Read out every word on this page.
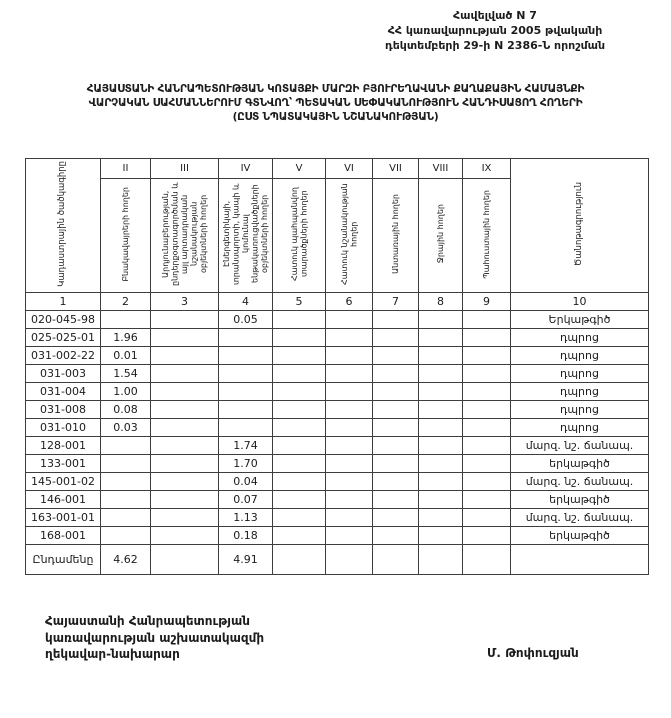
Հավելված N 7
ՀՀ կառավարության 2005 թվականի
դեկտեմբերի 29-ի N 2386-Ն որոշման
ՀԱՅԱՍՏԱՆԻ ՀԱՆՐԱՊԵՏՈՒԹՅԱՆ ԿՈՏԱՅՔԻ ՄԱՐԶԻ ԲՅՈՒՐԵՂԱՎԱՆԻ ՔԱՂԱՔԱՅԻՆ ՀԱՄԱՅՆՔԻ
ՎԱՐՉԱԿԱՆ ՍԱՀՄԱՆՆԵՐՈՒՄ ԳՏՆՎՈՂ՝ ՊԵՏԱԿԱՆ ՍԵՓԱԿԱՆՈՒԹՅՈՒՆ ՀԱՆԴԻՍԱՑՈՂ ՀՈՂԵՐԻ
(ԸՍՏ ՆՊԱՏԱԿԱՅԻՆ ՆՇԱՆԱԿՈՒԹՅԱՆ)
Կադաստրային ծածկագիրը	II	III	IV	V	VI	VII	VIII	IX	Ծանոթագրություն
	Բնակավայրերի հողեր	Արդյունաբերության, ընդերքօգտագործման և այլ արտադրական նշանակության օբյեկտների հողեր	Էներգետիկայի, տրանսպորտի, կապի և կոմունալ ենթակառուցվածքների օբյեկտների հողեր	Հատուկ պահպանվող տարածքների հողեր	Հատուկ նշանակության հողեր	Անտառային հողեր	Ջրային հողեր	Պահուստային հողեր	
1	2	3	4	5	6	7	8	9	10
020-045-98			0.05						Երկաթգիծ
025-025-01	1.96								դպրոց
031-002-22	0.01								դպրոց
031-003	1.54								դպրոց
031-004	1.00								դպրոց
031-008	0.08								դպրոց
031-010	0.03								դպրոց
128-001			1.74						մարզ. նշ. ճանապ.
133-001			1.70						երկաթգիծ
145-001-02			0.04						մարզ. նշ. ճանապ.
146-001			0.07						երկաթգիծ
163-001-01			1.13						մարզ. նշ. ճանապ.
168-001			0.18						երկաթգիծ
Ընդամենը	4.62		4.91						
Հայաստանի Հանրապետության
կառավարության աշխատակազմի
ղեկավար-նախարար	Մ. Թոփուզյան
